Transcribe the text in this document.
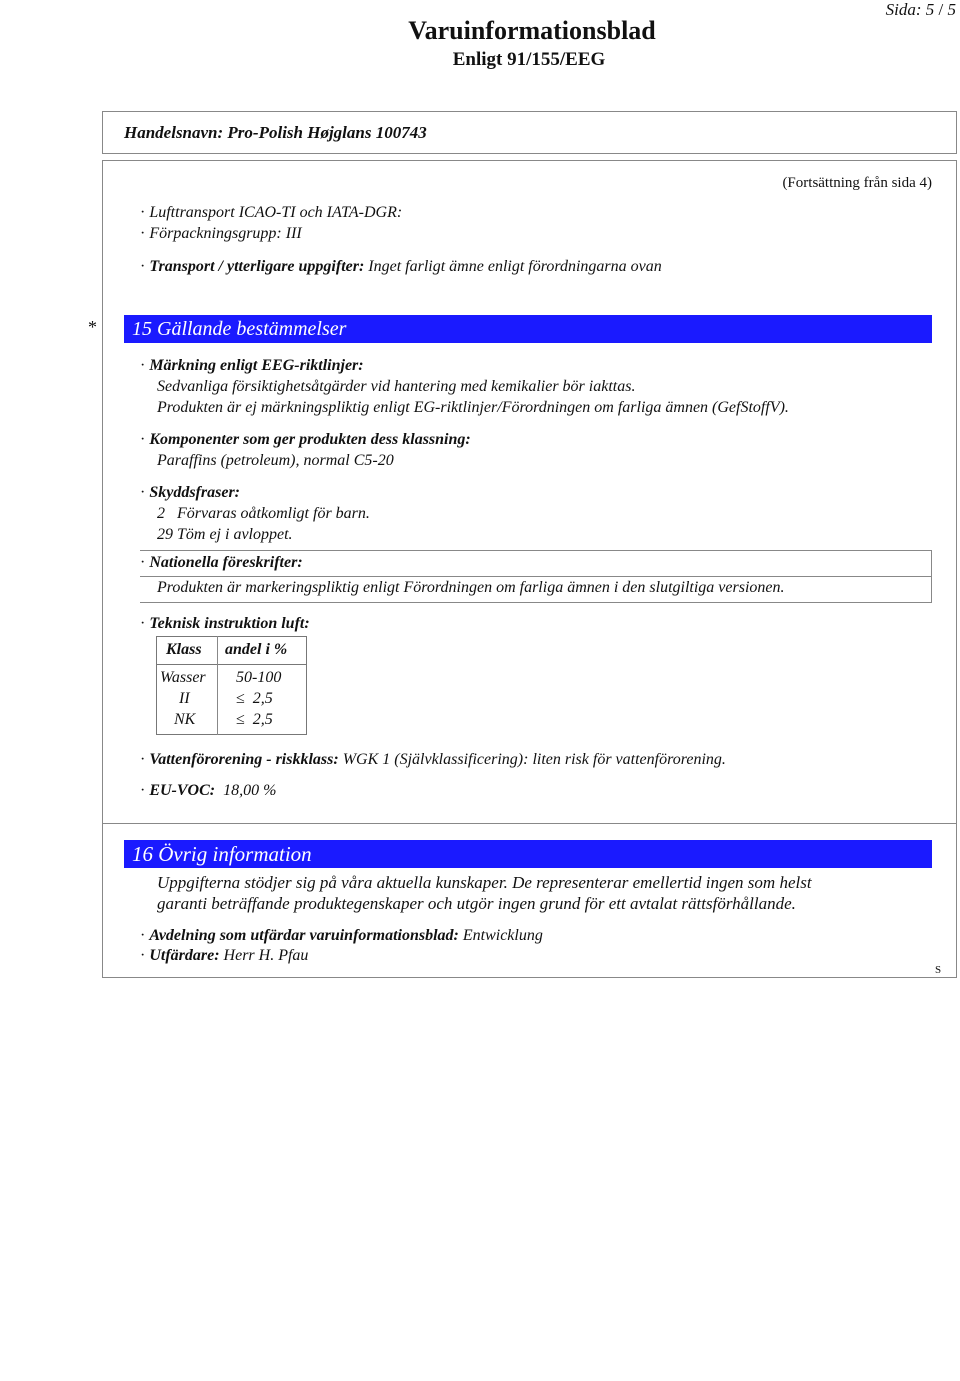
Varuinformationsblad
Enligt 91/155/EEG
Sida: 5 / 5
Handelsnavn: Pro-Polish Højglans 100743
(Fortsättning från sida 4)
· Lufttransport ICAO-TI och IATA-DGR:
· Förpackningsgrupp: III
· Transport / ytterligare uppgifter: Inget farligt ämne enligt förordningarna ovan
*	15 Gällande bestämmelser
· Märkning enligt EEG-riktlinjer:
Sedvanliga försiktighetsåtgärder vid hantering med kemikalier bör iakttas.
Produkten är ej märkningspliktig enligt EG-riktlinjer/Förordningen om farliga ämnen (GefStoffV).
· Komponenter som ger produkten dess klassning:
Paraffins (petroleum), normal C5-20
· Skyddsfraser:
2   Förvaras oåtkomligt för barn.
29 Töm ej i avloppet.
· Nationella föreskrifter:
Produkten är markeringspliktig enligt Förordningen om farliga ämnen i den slutgiltiga versionen.
· Teknisk instruktion luft:
Klass andel i %
Wasser 50-100
II	≤  2,5
NK	≤  2,5
· Vattenförorening - riskklass: WGK 1 (Självklassificering): liten risk för vattenförorening.
· EU-VOC: 18,00 %
16 Övrig information
Uppgifterna stödjer sig på våra aktuella kunskaper. De representerar emellertid ingen som helst
garanti beträffande produktegenskaper och utgör ingen grund för ett avtalat rättsförhållande.
· Avdelning som utfärdar varuinformationsblad: Entwicklung
· Utfärdare: Herr H. Pfau
S
